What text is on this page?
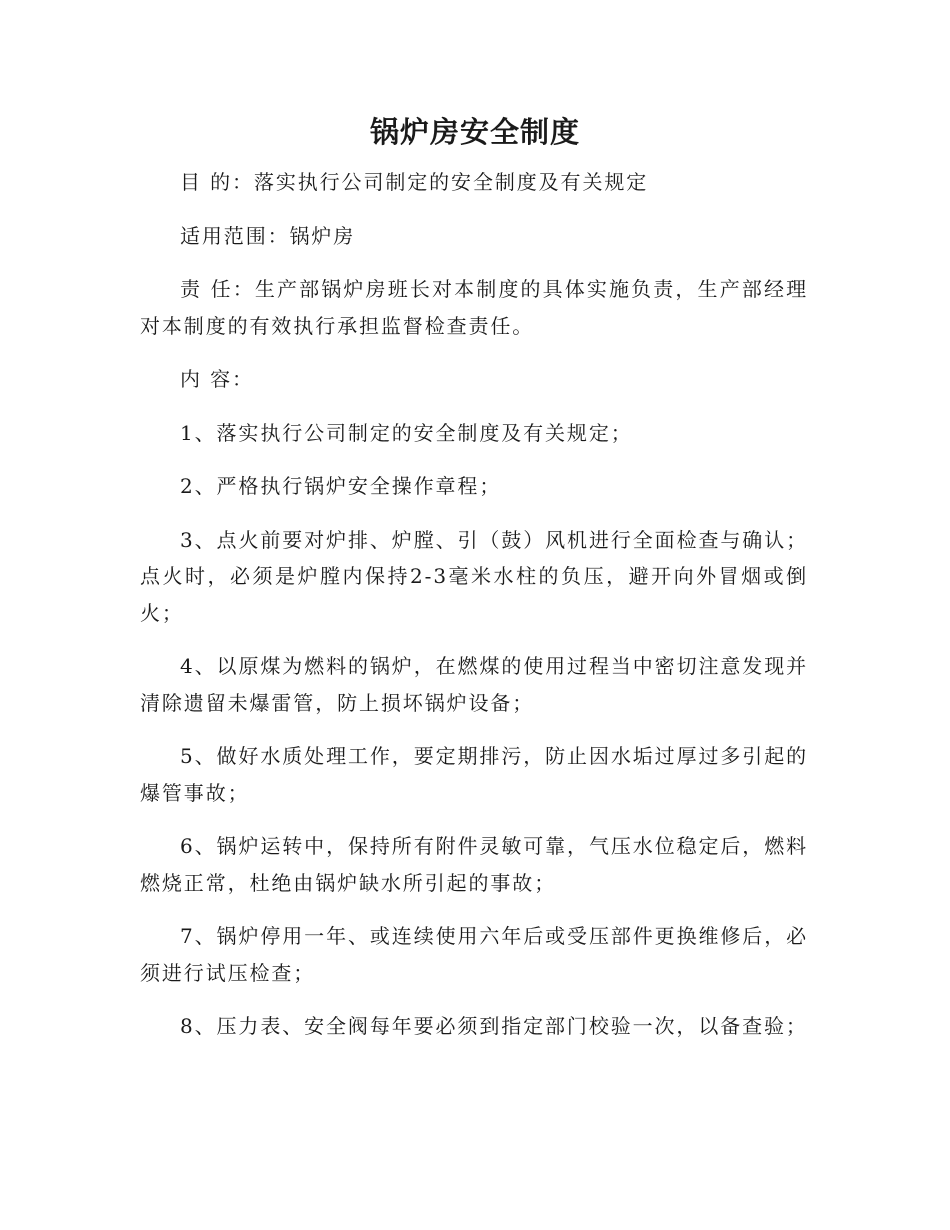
锅炉房安全制度

目 的：落实执行公司制定的安全制度及有关规定

适用范围：锅炉房

责 任：生产部锅炉房班长对本制度的具体实施负责，生产部经理对本制度的有效执行承担监督检查责任。

内 容：

1、落实执行公司制定的安全制度及有关规定；

2、严格执行锅炉安全操作章程；

3、点火前要对炉排、炉膛、引（鼓）风机进行全面检查与确认；点火时，必须是炉膛内保持2-3毫米水柱的负压，避开向外冒烟或倒火；

4、以原煤为燃料的锅炉，在燃煤的使用过程当中密切注意发现并清除遗留未爆雷管，防上损坏锅炉设备；

5、做好水质处理工作，要定期排污，防止因水垢过厚过多引起的爆管事故；

6、锅炉运转中，保持所有附件灵敏可靠，气压水位稳定后，燃料燃烧正常，杜绝由锅炉缺水所引起的事故；

7、锅炉停用一年、或连续使用六年后或受压部件更换维修后，必须进行试压检查；

8、压力表、安全阀每年要必须到指定部门校验一次，以备查验；
